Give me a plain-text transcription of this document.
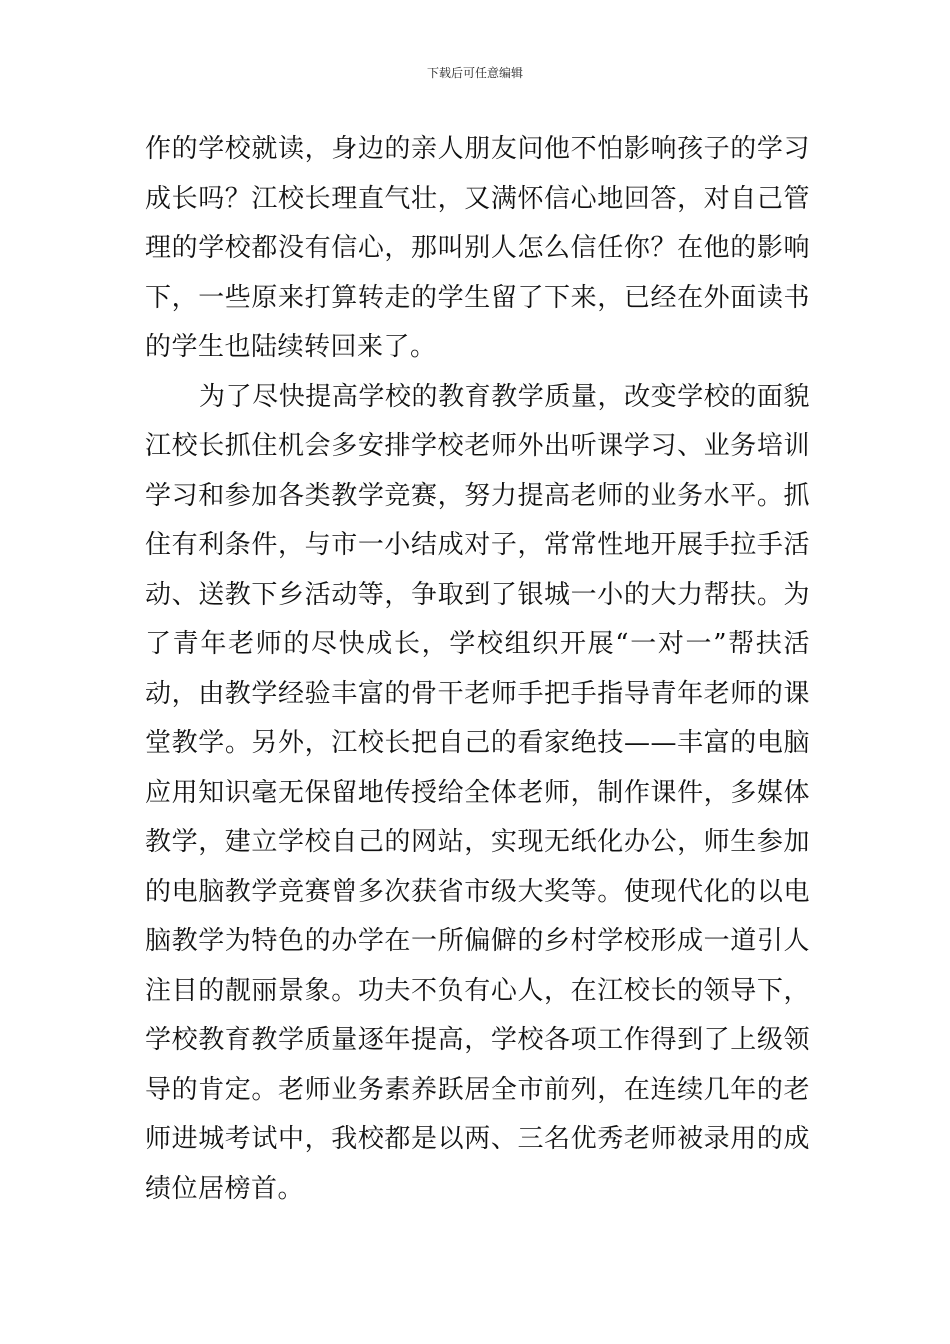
下载后可任意编辑

作的学校就读，身边的亲人朋友问他不怕影响孩子的学习成长吗？江校长理直气壮，又满怀信心地回答，对自己管理的学校都没有信心，那叫别人怎么信任你？在他的影响下，一些原来打算转走的学生留了下来，已经在外面读书的学生也陆续转回来了。

为了尽快提高学校的教育教学质量，改变学校的面貌江校长抓住机会多安排学校老师外出听课学习、业务培训学习和参加各类教学竞赛，努力提高老师的业务水平。抓住有利条件，与市一小结成对子，常常性地开展手拉手活动、送教下乡活动等，争取到了银城一小的大力帮扶。为了青年老师的尽快成长，学校组织开展“一对一”帮扶活动，由教学经验丰富的骨干老师手把手指导青年老师的课堂教学。另外，江校长把自己的看家绝技——丰富的电脑应用知识毫无保留地传授给全体老师，制作课件，多媒体教学，建立学校自己的网站，实现无纸化办公，师生参加的电脑教学竞赛曾多次获省市级大奖等。使现代化的以电脑教学为特色的办学在一所偏僻的乡村学校形成一道引人注目的靓丽景象。功夫不负有心人，在江校长的领导下，学校教育教学质量逐年提高，学校各项工作得到了上级领导的肯定。老师业务素养跃居全市前列，在连续几年的老师进城考试中，我校都是以两、三名优秀老师被录用的成绩位居榜首。
